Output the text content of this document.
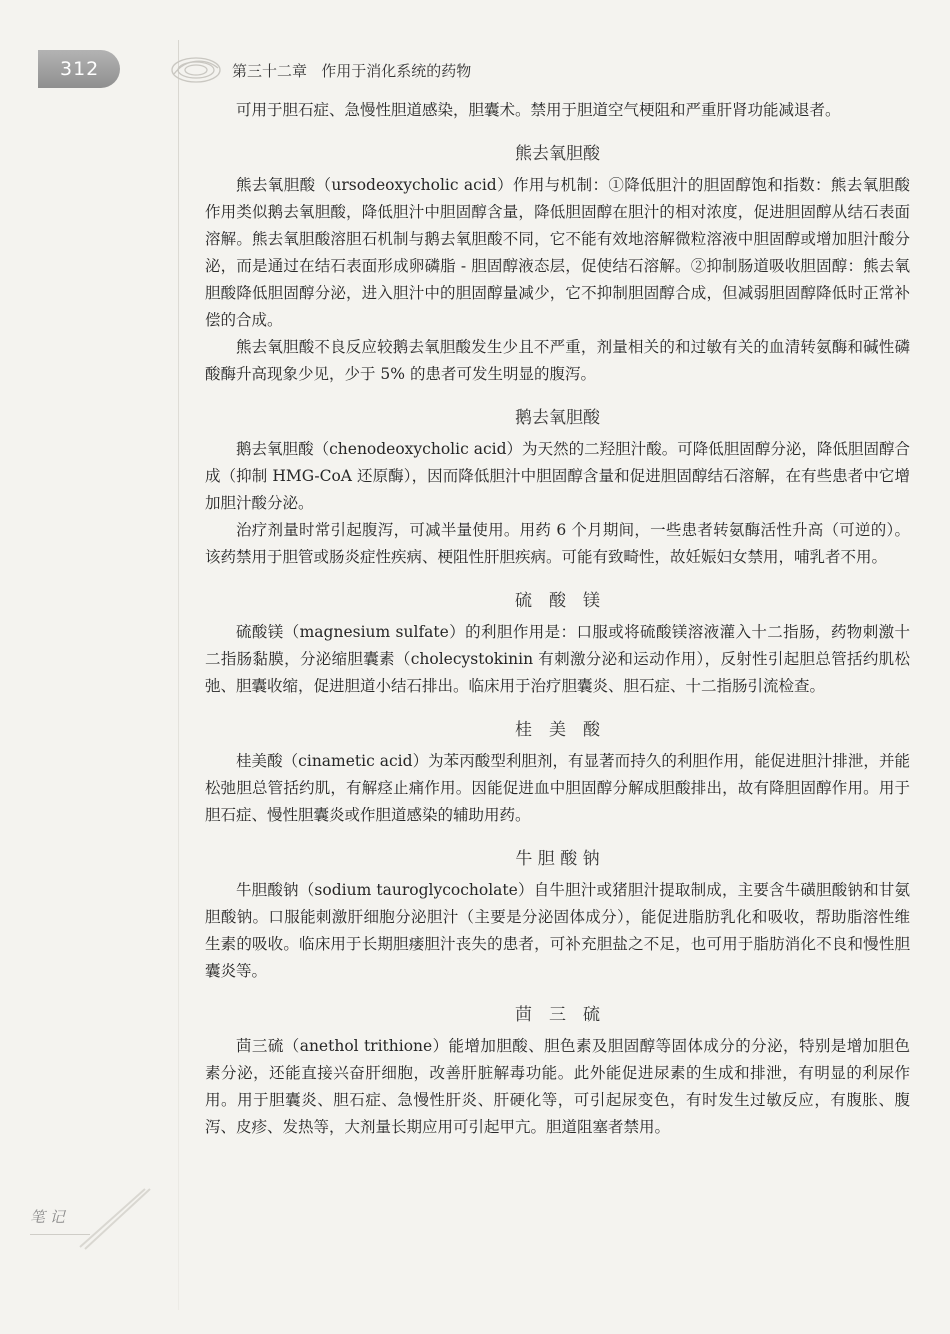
312	第三十二章   作用于消化系统的药物

可用于胆石症、急慢性胆道感染，胆囊术。禁用于胆道空气梗阻和严重肝肾功能减退者。

熊去氧胆酸

熊去氧胆酸（ursodeoxycholic acid）作用与机制：①降低胆汁的胆固醇饱和指数：熊去氧胆酸作用类似鹅去氧胆酸，降低胆汁中胆固醇含量，降低胆固醇在胆汁的相对浓度，促进胆固醇从结石表面溶解。熊去氧胆酸溶胆石机制与鹅去氧胆酸不同，它不能有效地溶解微粒溶液中胆固醇或增加胆汁酸分泌，而是通过在结石表面形成卵磷脂 - 胆固醇液态层，促使结石溶解。②抑制肠道吸收胆固醇：熊去氧胆酸降低胆固醇分泌，进入胆汁中的胆固醇量减少，它不抑制胆固醇合成，但减弱胆固醇降低时正常补偿的合成。

熊去氧胆酸不良反应较鹅去氧胆酸发生少且不严重，剂量相关的和过敏有关的血清转氨酶和碱性磷酸酶升高现象少见，少于 5% 的患者可发生明显的腹泻。

鹅去氧胆酸

鹅去氧胆酸（chenodeoxycholic acid）为天然的二羟胆汁酸。可降低胆固醇分泌，降低胆固醇合成（抑制 HMG-CoA 还原酶），因而降低胆汁中胆固醇含量和促进胆固醇结石溶解，在有些患者中它增加胆汁酸分泌。

治疗剂量时常引起腹泻，可减半量使用。用药 6 个月期间，一些患者转氨酶活性升高（可逆的）。该药禁用于胆管或肠炎症性疾病、梗阻性肝胆疾病。可能有致畸性，故妊娠妇女禁用，哺乳者不用。

硫　酸　镁

硫酸镁（magnesium sulfate）的利胆作用是：口服或将硫酸镁溶液灌入十二指肠，药物刺激十二指肠黏膜，分泌缩胆囊素（cholecystokinin 有刺激分泌和运动作用），反射性引起胆总管括约肌松弛、胆囊收缩，促进胆道小结石排出。临床用于治疗胆囊炎、胆石症、十二指肠引流检查。

桂　美　酸

桂美酸（cinametic acid）为苯丙酸型利胆剂，有显著而持久的利胆作用，能促进胆汁排泄，并能松弛胆总管括约肌，有解痉止痛作用。因能促进血中胆固醇分解成胆酸排出，故有降胆固醇作用。用于胆石症、慢性胆囊炎或作胆道感染的辅助用药。

牛 胆 酸 钠

牛胆酸钠（sodium tauroglycocholate）自牛胆汁或猪胆汁提取制成，主要含牛磺胆酸钠和甘氨胆酸钠。口服能刺激肝细胞分泌胆汁（主要是分泌固体成分），能促进脂肪乳化和吸收，帮助脂溶性维生素的吸收。临床用于长期胆瘘胆汁丧失的患者，可补充胆盐之不足，也可用于脂肪消化不良和慢性胆囊炎等。

茴　三　硫

茴三硫（anethol trithione）能增加胆酸、胆色素及胆固醇等固体成分的分泌，特别是增加胆色素分泌，还能直接兴奋肝细胞，改善肝脏解毒功能。此外能促进尿素的生成和排泄，有明显的利尿作用。用于胆囊炎、胆石症、急慢性肝炎、肝硬化等，可引起尿变色，有时发生过敏反应，有腹胀、腹泻、皮疹、发热等，大剂量长期应用可引起甲亢。胆道阻塞者禁用。

笔 记
